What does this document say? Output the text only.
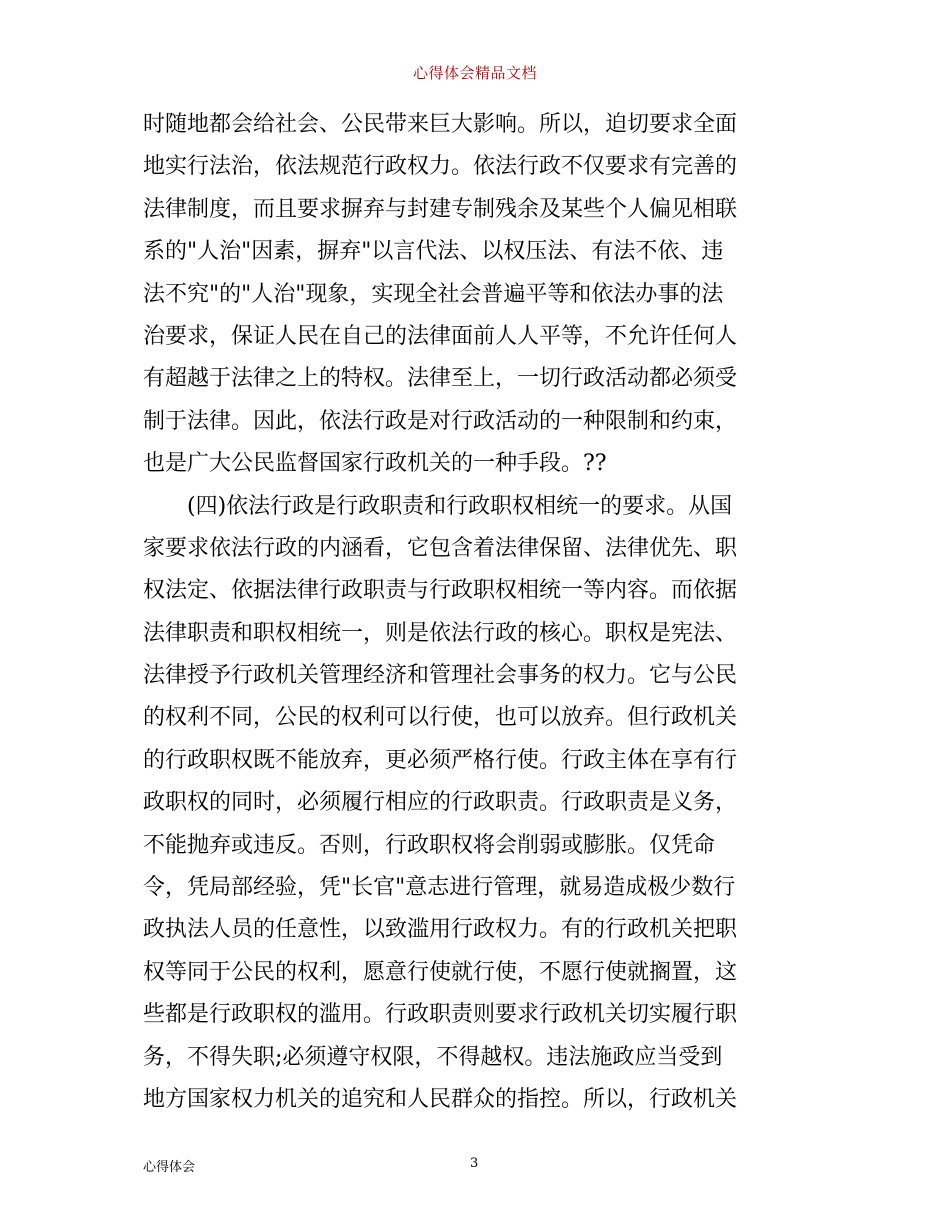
心得体会精品文档
时随地都会给社会、公民带来巨大影响。所以，迫切要求全面
地实行法治，依法规范行政权力。依法行政不仅要求有完善的
法律制度，而且要求摒弃与封建专制残余及某些个人偏见相联
系的"人治"因素，摒弃"以言代法、以权压法、有法不依、违
法不究"的"人治"现象，实现全社会普遍平等和依法办事的法
治要求，保证人民在自己的法律面前人人平等，不允许任何人
有超越于法律之上的特权。法律至上，一切行政活动都必须受
制于法律。因此，依法行政是对行政活动的一种限制和约束，
也是广大公民监督国家行政机关的一种手段。??
(四)依法行政是行政职责和行政职权相统一的要求。从国
家要求依法行政的内涵看，它包含着法律保留、法律优先、职
权法定、依据法律行政职责与行政职权相统一等内容。而依据
法律职责和职权相统一，则是依法行政的核心。职权是宪法、
法律授予行政机关管理经济和管理社会事务的权力。它与公民
的权利不同，公民的权利可以行使，也可以放弃。但行政机关
的行政职权既不能放弃，更必须严格行使。行政主体在享有行
政职权的同时，必须履行相应的行政职责。行政职责是义务，
不能抛弃或违反。否则，行政职权将会削弱或膨胀。仅凭命
令，凭局部经验，凭"长官"意志进行管理，就易造成极少数行
政执法人员的任意性，以致滥用行政权力。有的行政机关把职
权等同于公民的权利，愿意行使就行使，不愿行使就搁置，这
些都是行政职权的滥用。行政职责则要求行政机关切实履行职
务，不得失职;必须遵守权限，不得越权。违法施政应当受到
地方国家权力机关的追究和人民群众的指控。所以，行政机关
心得体会	3
